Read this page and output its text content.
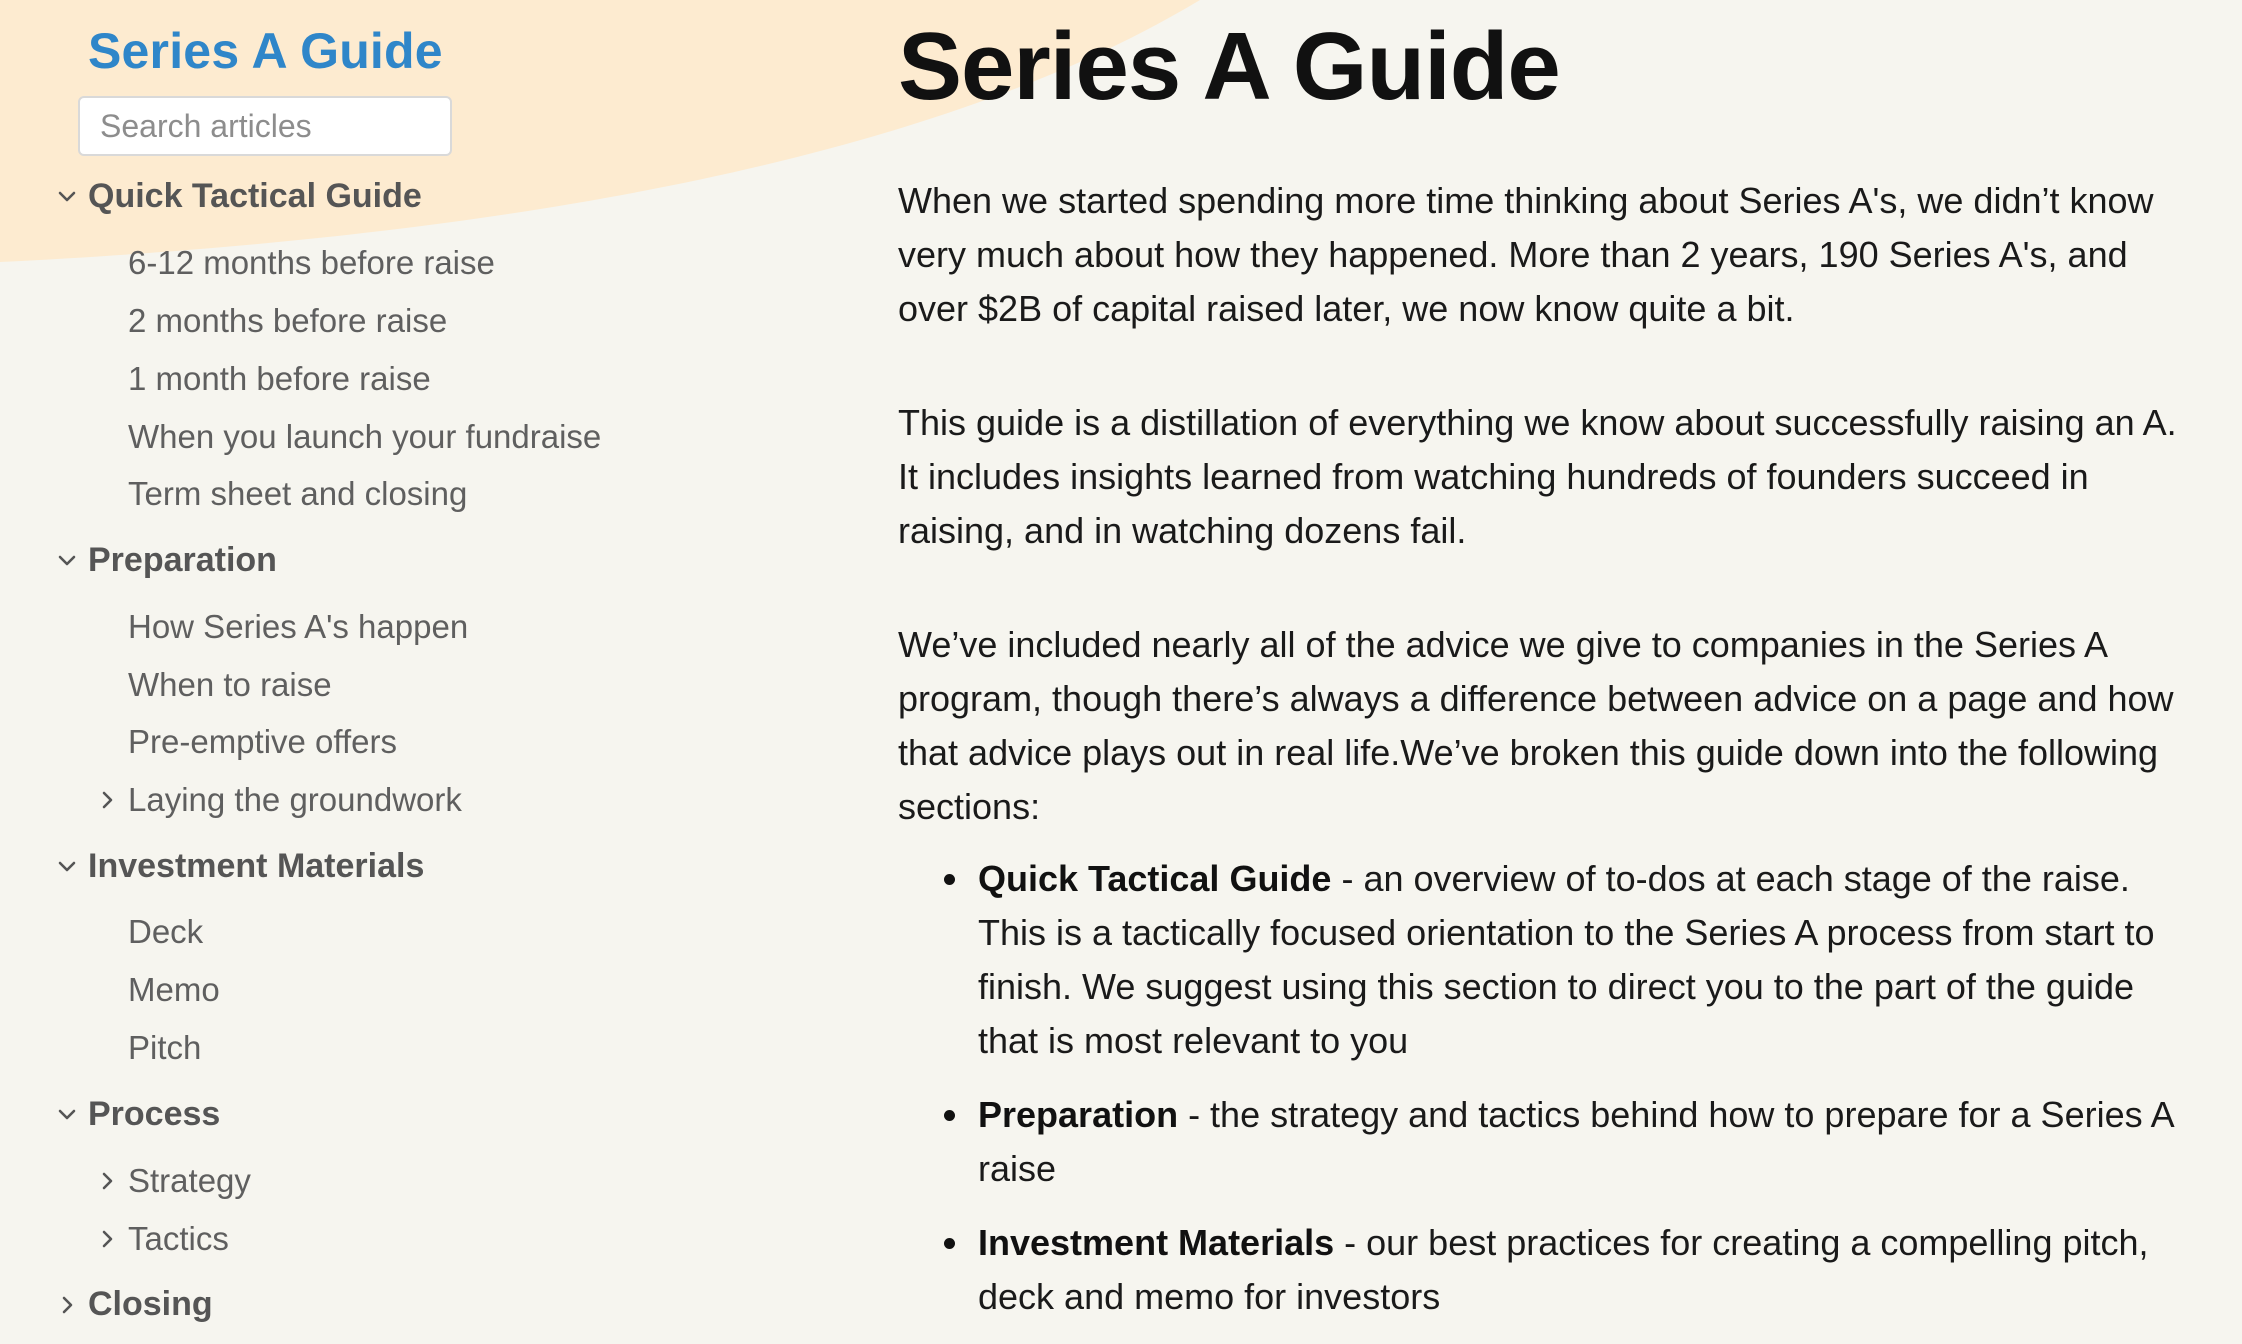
Series A Guide
Search articles
Quick Tactical Guide
6-12 months before raise
2 months before raise
1 month before raise
When you launch your fundraise
Term sheet and closing
Preparation
How Series A's happen
When to raise
Pre-emptive offers
Laying the groundwork
Investment Materials
Deck
Memo
Pitch
Process
Strategy
Tactics
Closing
Series A Guide

When we started spending more time thinking about Series A's, we didn’t know very much about how they happened. More than 2 years, 190 Series A's, and over $2B of capital raised later, we now know quite a bit.

This guide is a distillation of everything we know about successfully raising an A. It includes insights learned from watching hundreds of founders succeed in raising, and in watching dozens fail.

We’ve included nearly all of the advice we give to companies in the Series A program, though there’s always a difference between advice on a page and how that advice plays out in real life.We’ve broken this guide down into the following sections:

Quick Tactical Guide - an overview of to-dos at each stage of the raise. This is a tactically focused orientation to the Series A process from start to finish. We suggest using this section to direct you to the part of the guide that is most relevant to you
Preparation - the strategy and tactics behind how to prepare for a Series A raise
Investment Materials - our best practices for creating a compelling pitch, deck and memo for investors
